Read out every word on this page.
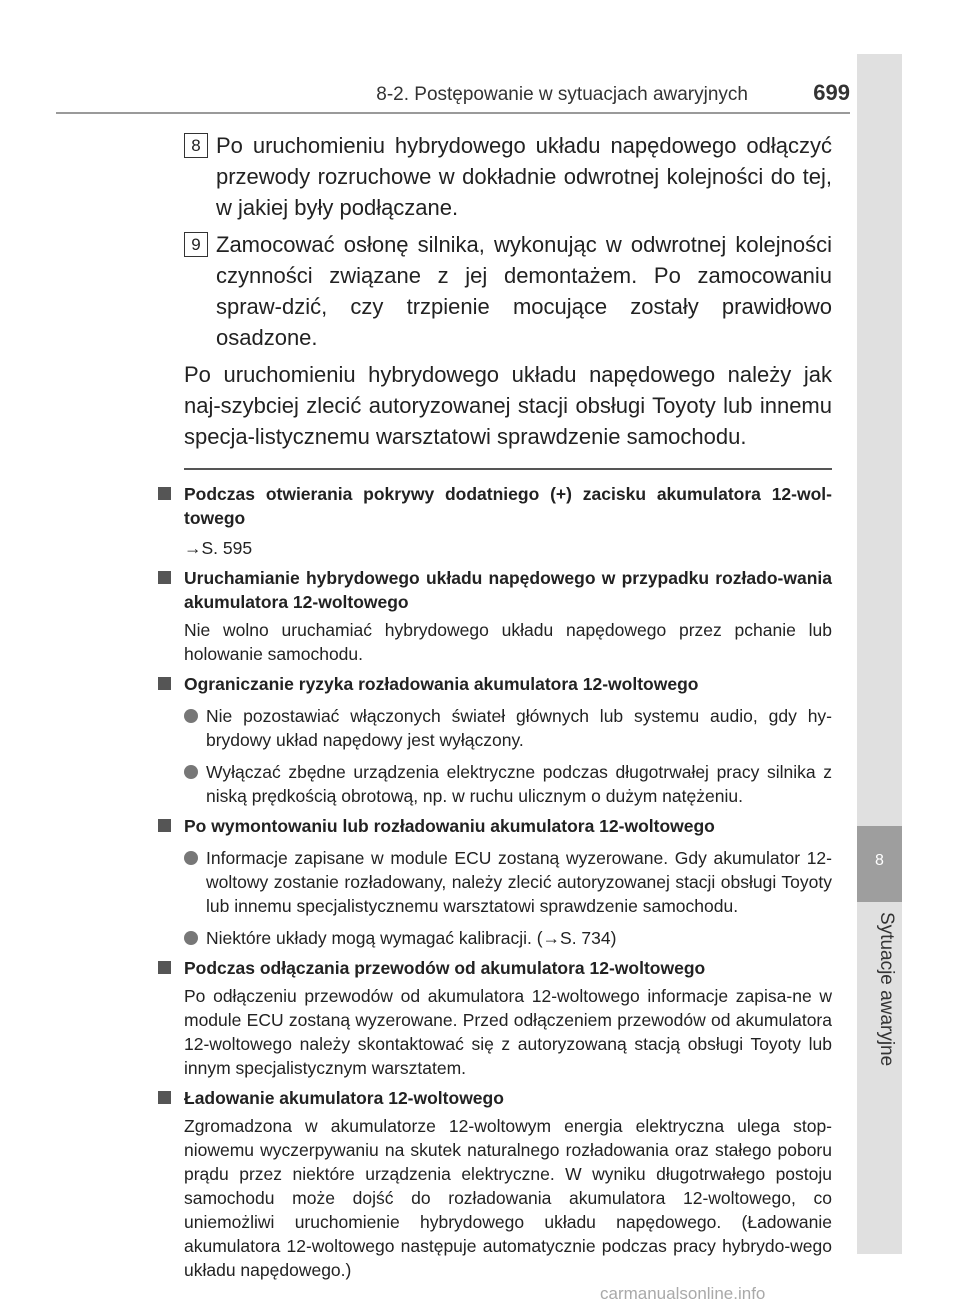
8-2. Postępowanie w sytuacjach awaryjnych	699
8
Sytuacje awaryjne
8 Po uruchomieniu hybrydowego układu napędowego odłączyć przewody rozruchowe w dokładnie odwrotnej kolejności do tej, w jakiej były podłączane.
9 Zamocować osłonę silnika, wykonując w odwrotnej kolejności czynności związane z jej demontażem. Po zamocowaniu spraw-dzić, czy trzpienie mocujące zostały prawidłowo osadzone.
Po uruchomieniu hybrydowego układu napędowego należy jak naj-szybciej zlecić autoryzowanej stacji obsługi Toyoty lub innemu specja-listycznemu warsztatowi sprawdzenie samochodu.
Podczas otwierania pokrywy dodatniego (+) zacisku akumulatora 12-wol-towego
→S. 595
Uruchamianie hybrydowego układu napędowego w przypadku rozłado-wania akumulatora 12-woltowego
Nie wolno uruchamiać hybrydowego układu napędowego przez pchanie lub holowanie samochodu.
Ograniczanie ryzyka rozładowania akumulatora 12-woltowego
Nie pozostawiać włączonych świateł głównych lub systemu audio, gdy hy-brydowy układ napędowy jest wyłączony.
Wyłączać zbędne urządzenia elektryczne podczas długotrwałej pracy silnika z niską prędkością obrotową, np. w ruchu ulicznym o dużym natężeniu.
Po wymontowaniu lub rozładowaniu akumulatora 12-woltowego
Informacje zapisane w module ECU zostaną wyzerowane. Gdy akumulator 12-woltowy zostanie rozładowany, należy zlecić autoryzowanej stacji obsługi Toyoty lub innemu specjalistycznemu warsztatowi sprawdzenie samochodu.
Niektóre układy mogą wymagać kalibracji. (→S. 734)
Podczas odłączania przewodów od akumulatora 12-woltowego
Po odłączeniu przewodów od akumulatora 12-woltowego informacje zapisa-ne w module ECU zostaną wyzerowane. Przed odłączeniem przewodów od akumulatora 12-woltowego należy skontaktować się z autoryzowaną stacją obsługi Toyoty lub innym specjalistycznym warsztatem.
Ładowanie akumulatora 12-woltowego
Zgromadzona w akumulatorze 12-woltowym energia elektryczna ulega stop-niowemu wyczerpywaniu na skutek naturalnego rozładowania oraz stałego poboru prądu przez niektóre urządzenia elektryczne. W wyniku długotrwałego postoju samochodu może dojść do rozładowania akumulatora 12-woltowego, co uniemożliwi uruchomienie hybrydowego układu napędowego. (Ładowanie akumulatora 12-woltowego następuje automatycznie podczas pracy hybrydo-wego układu napędowego.)
carmanualsonline.info
